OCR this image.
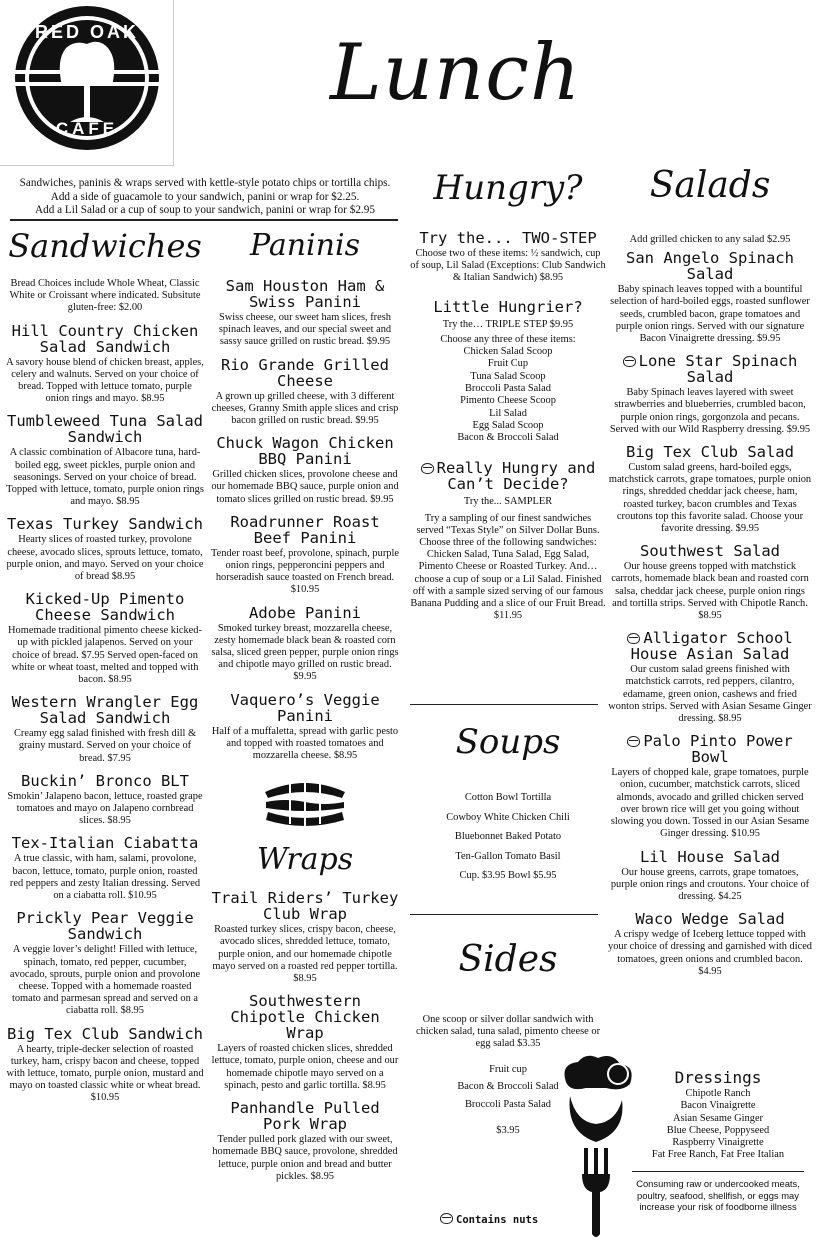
RED OAK
CAFE
Lunch
Sandwiches, paninis & wraps served with kettle-style potato chips or tortilla chips.
Add a side of guacamole to your sandwich, panini or wrap for $2.25.
Add a Lil Salad or a cup of soup to your sandwich, panini or wrap for $2.95
Sandwiches
Bread Choices include Whole Wheat, Classic White or Croissant where indicated. Subsitute gluten-free: $2.00
Hill Country Chicken Salad Sandwich
A savory house blend of chicken breast, apples, celery and walnuts. Served on your choice of bread. Topped with lettuce tomato, purple onion rings and mayo. $8.95
Tumbleweed Tuna Salad Sandwich
A classic combination of Albacore tuna, hard-boiled egg, sweet pickles, purple onion and seasonings. Served on your choice of bread. Topped with lettuce, tomato, purple onion rings and mayo. $8.95
Texas Turkey Sandwich
Hearty slices of roasted turkey, provolone cheese, avocado slices, sprouts lettuce, tomato, purple onion, and mayo. Served on your choice of bread $8.95
Kicked-Up Pimento Cheese Sandwich
Homemade traditional pimento cheese kicked-up with pickled jalapenos. Served on your choice of bread. $7.95 Served open-faced on white or wheat toast, melted and topped with bacon. $8.95
Western Wrangler Egg Salad Sandwich
Creamy egg salad finished with fresh dill & grainy mustard. Served on your choice of bread. $7.95
Buckin’ Bronco BLT
Smokin’ Jalapeno bacon, lettuce, roasted grape tomatoes and mayo on Jalapeno cornbread slices. $8.95
Tex-Italian Ciabatta
A true classic, with ham, salami, provolone, bacon, lettuce, tomato, purple onion, roasted red peppers and zesty Italian dressing. Served on a ciabatta roll. $10.95
Prickly Pear Veggie Sandwich
A veggie lover’s delight! Filled with lettuce, spinach, tomato, red pepper, cucumber, avocado, sprouts, purple onion and provolone cheese. Topped with a homemade roasted tomato and parmesan spread and served on a ciabatta roll. $8.95
Big Tex Club Sandwich
A hearty, triple-decker selection of roasted turkey, ham, crispy bacon and cheese, topped with lettuce, tomato, purple onion, mustard and mayo on toasted classic white or wheat bread. $10.95
Paninis
Sam Houston Ham & Swiss Panini
Swiss cheese, our sweet ham slices, fresh spinach leaves, and our special sweet and sassy sauce grilled on rustic bread. $9.95
Rio Grande Grilled Cheese
A grown up grilled cheese, with 3 different cheeses, Granny Smith apple slices and crisp bacon grilled on rustic bread. $9.95
Chuck Wagon Chicken BBQ Panini
Grilled chicken slices, provolone cheese and our homemade BBQ sauce, purple onion and tomato slices grilled on rustic bread. $9.95
Roadrunner Roast Beef Panini
Tender roast beef, provolone, spinach, purple onion rings, pepperoncini peppers and horseradish sauce toasted on French bread. $10.95
Adobe Panini
Smoked turkey breast, mozzarella cheese, zesty homemade black bean & roasted corn salsa, sliced green pepper, purple onion rings and chipotle mayo grilled on rustic bread. $9.95
Vaquero’s Veggie Panini
Half of a muffaletta, spread with garlic pesto and topped with roasted tomatoes and mozzarella cheese. $8.95
Wraps
Trail Riders’ Turkey Club Wrap
Roasted turkey slices, crispy bacon, cheese, avocado slices, shredded lettuce, tomato, purple onion, and our homemade chipotle mayo served on a roasted red pepper tortilla. $8.95
Southwestern Chipotle Chicken Wrap
Layers of roasted chicken slices, shredded lettuce, tomato, purple onion, cheese and our homemade chipotle mayo served on a spinach, pesto and garlic tortilla. $8.95
Panhandle Pulled Pork Wrap
Tender pulled pork glazed with our sweet, homemade BBQ sauce, provolone, shredded lettuce, purple onion and bread and butter pickles. $8.95
Hungry?
Try the... TWO-STEP
Choose two of these items: ½ sandwich, cup of soup, Lil Salad (Exceptions: Club Sandwich & Italian Sandwich) $8.95
Little Hungrier?
Try the… TRIPLE STEP $9.95
Choose any three of these items:
Chicken Salad Scoop
Fruit Cup
Tuna Salad Scoop
Broccoli Pasta Salad
Pimento Cheese Scoop
Lil Salad
Egg Salad Scoop
Bacon & Broccoli Salad
Really Hungry and Can’t Decide?
Try the... SAMPLER
Try a sampling of our finest sandwiches served “Texas Style” on Silver Dollar Buns. Choose three of the following sandwiches: Chicken Salad, Tuna Salad, Egg Salad, Pimento Cheese or Roasted Turkey. And… choose a cup of soup or a Lil Salad. Finished off with a sample sized serving of our famous Banana Pudding and a slice of our Fruit Bread. $11.95
Soups
Cotton Bowl Tortilla
Cowboy White Chicken Chili
Bluebonnet Baked Potato
Ten-Gallon Tomato Basil
Cup. $3.95 Bowl $5.95
Sides
One scoop or silver dollar sandwich with chicken salad, tuna salad, pimento cheese or egg salad $3.35
Fruit cup
Bacon & Broccoli Salad
Broccoli Pasta Salad
$3.95
Contains nuts
Salads
Add grilled chicken to any salad $2.95
San Angelo Spinach Salad
Baby spinach leaves topped with a bountiful selection of hard-boiled eggs, roasted sunflower seeds, crumbled bacon, grape tomatoes and purple onion rings. Served with our signature Bacon Vinaigrette dressing. $9.95
Lone Star Spinach Salad
Baby Spinach leaves layered with sweet strawberries and blueberries, crumbled bacon, purple onion rings, gorgonzola and pecans. Served with our Wild Raspberry dressing. $9.95
Big Tex Club Salad
Custom salad greens, hard-boiled eggs, matchstick carrots, grape tomatoes, purple onion rings, shredded cheddar jack cheese, ham, roasted turkey, bacon crumbles and Texas croutons top this favorite salad. Choose your favorite dressing. $9.95
Southwest Salad
Our house greens topped with matchstick carrots, homemade black bean and roasted corn salsa, cheddar jack cheese, purple onion rings and tortilla strips. Served with Chipotle Ranch. $8.95
Alligator School House Asian Salad
Our custom salad greens finished with matchstick carrots, red peppers, cilantro, edamame, green onion, cashews and fried wonton strips. Served with Asian Sesame Ginger dressing. $8.95
Palo Pinto Power Bowl
Layers of chopped kale, grape tomatoes, purple onion, cucumber, matchstick carrots, sliced almonds, avocado and grilled chicken served over brown rice will get you going without slowing you down. Tossed in our Asian Sesame Ginger dressing. $10.95
Lil House Salad
Our house greens, carrots, grape tomatoes, purple onion rings and croutons. Your choice of dressing. $4.25
Waco Wedge Salad
A crispy wedge of Iceberg lettuce topped with your choice of dressing and garnished with diced tomatoes, green onions and crumbled bacon. $4.95
Dressings
Chipotle Ranch
Bacon Vinaigrette
Asian Sesame Ginger
Blue Cheese, Poppyseed
Raspberry Vinaigrette
Fat Free Ranch, Fat Free Italian
Consuming raw or undercooked meats, poultry, seafood, shellfish, or eggs may increase your risk of foodborne illness
